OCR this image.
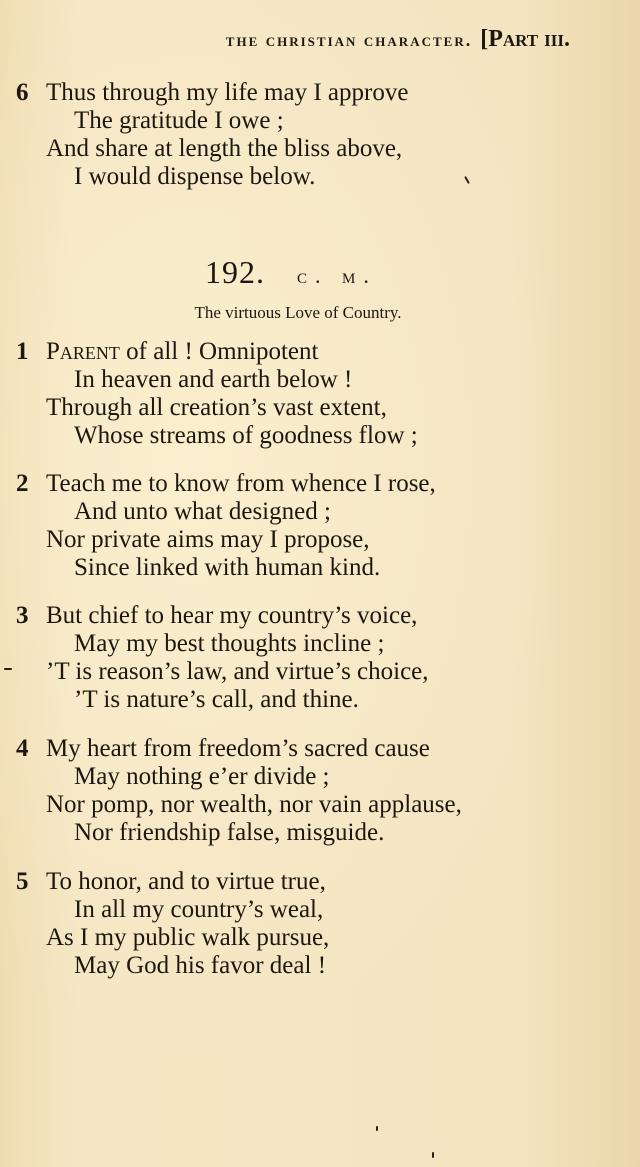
the christian character. [Part iii.
6 Thus through my life may I approve
The gratitude I owe ;
And share at length the bliss above,
I would dispense below.
192. c. m.
The virtuous Love of Country.
1 Parent of all ! Omnipotent
In heaven and earth below !
Through all creation’s vast extent,
Whose streams of goodness flow ;
2 Teach me to know from whence I rose,
And unto what designed ;
Nor private aims may I propose,
Since linked with human kind.
3 But chief to hear my country’s voice,
May my best thoughts incline ;
’T is reason’s law, and virtue’s choice,
’T is nature’s call, and thine.
4 My heart from freedom’s sacred cause
May nothing e’er divide ;
Nor pomp, nor wealth, nor vain applause,
Nor friendship false, misguide.
5 To honor, and to virtue true,
In all my country’s weal,
As I my public walk pursue,
May God his favor deal !
